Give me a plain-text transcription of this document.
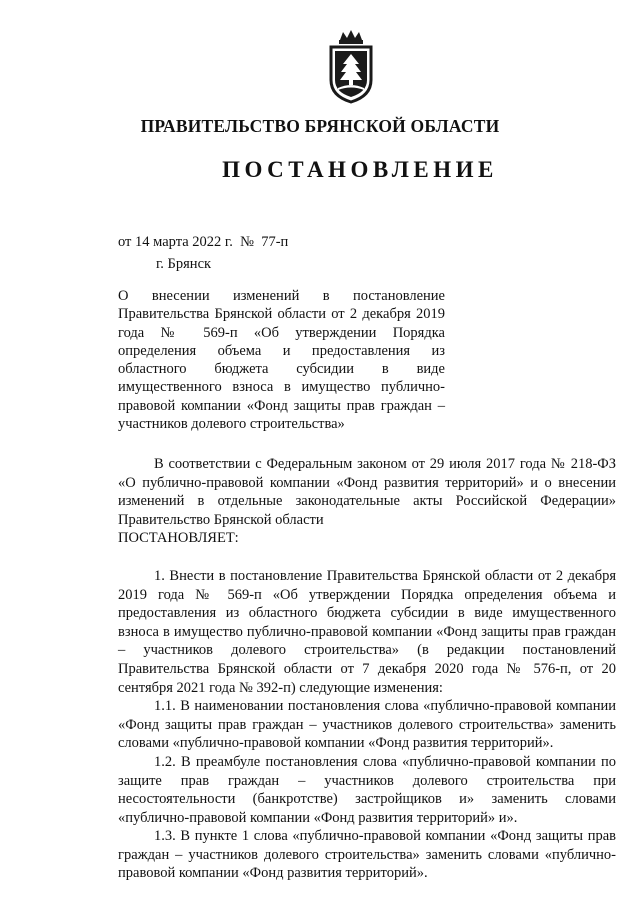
ПРАВИТЕЛЬСТВО БРЯНСКОЙ ОБЛАСТИ
ПОСТАНОВЛЕНИЕ
от 14 марта 2022 г.  №  77-п
г. Брянск
О внесении изменений в постановление Правительства Брянской области от 2 декабря 2019 года № 569-п «Об утверждении Порядка определения объема и предоставления из областного бюджета субсидии в виде имущественного взноса в имущество публично-правовой компании «Фонд защиты прав граждан – участников долевого строительства»

В соответствии с Федеральным законом от 29 июля 2017 года № 218-ФЗ «О публично-правовой компании «Фонд развития территорий» и о внесении изменений в отдельные законодательные акты Российской Федерации» Правительство Брянской области

ПОСТАНОВЛЯЕТ:

1. Внести в постановление Правительства Брянской области от 2 декабря 2019 года № 569-п «Об утверждении Порядка определения объема и предоставления из областного бюджета субсидии в виде имущественного взноса в имущество публично-правовой компании «Фонд защиты прав граждан – участников долевого строительства» (в редакции постановлений Правительства Брянской области от 7 декабря 2020 года № 576-п, от 20 сентября 2021 года № 392-п) следующие изменения:

1.1. В наименовании постановления слова «публично-правовой компании «Фонд защиты прав граждан – участников долевого строительства» заменить словами «публично-правовой компании «Фонд развития территорий».

1.2. В преамбуле постановления слова «публично-правовой компании по защите прав граждан – участников долевого строительства при несостоятельности (банкротстве) застройщиков и» заменить словами «публично-правовой компании «Фонд развития территорий» и».

1.3. В пункте 1 слова «публично-правовой компании «Фонд защиты прав граждан – участников долевого строительства» заменить словами «публично-правовой компании «Фонд развития территорий».
